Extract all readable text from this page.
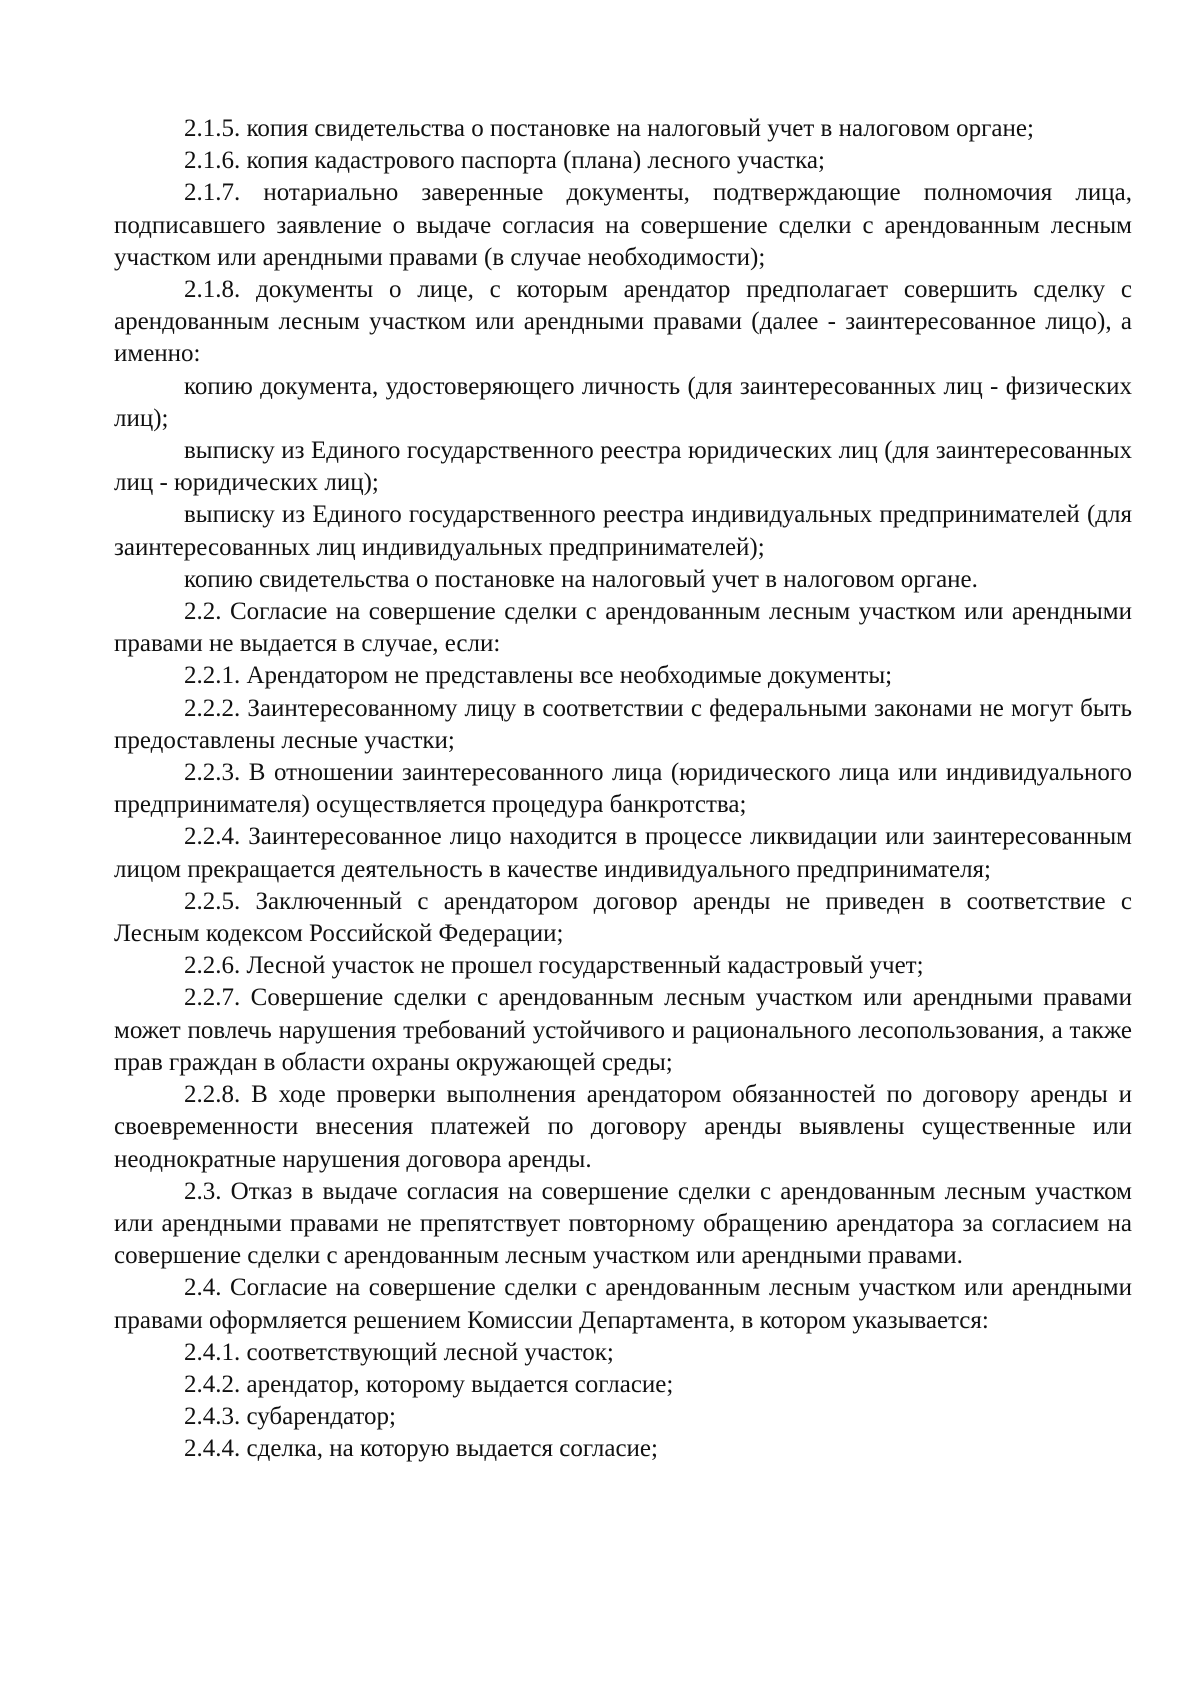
2.1.5. копия свидетельства о постановке на налоговый учет в налоговом органе;

2.1.6. копия кадастрового паспорта (плана) лесного участка;

2.1.7. нотариально заверенные документы, подтверждающие полномочия лица, подписавшего заявление о выдаче согласия на совершение сделки с арендованным лесным участком или арендными правами (в случае необходимости);

2.1.8. документы о лице, с которым арендатор предполагает совершить сделку с арендованным лесным участком или арендными правами (далее - заинтересованное лицо), а именно:

копию документа, удостоверяющего личность (для заинтересованных лиц - физических лиц);

выписку из Единого государственного реестра юридических лиц (для заинтересованных лиц - юридических лиц);

выписку из Единого государственного реестра индивидуальных предпринимателей (для заинтересованных лиц индивидуальных предпринимателей);

копию свидетельства о постановке на налоговый учет в налоговом органе.

2.2. Согласие на совершение сделки с арендованным лесным участком или арендными правами не выдается в случае, если:

2.2.1. Арендатором не представлены все необходимые документы;

2.2.2. Заинтересованному лицу в соответствии с федеральными законами не могут быть предоставлены лесные участки;

2.2.3. В отношении заинтересованного лица (юридического лица или индивидуального предпринимателя) осуществляется процедура банкротства;

2.2.4. Заинтересованное лицо находится в процессе ликвидации или заинтересованным лицом прекращается деятельность в качестве индивидуального предпринимателя;

2.2.5. Заключенный с арендатором договор аренды не приведен в соответствие с Лесным кодексом Российской Федерации;

2.2.6. Лесной участок не прошел государственный кадастровый учет;

2.2.7. Совершение сделки с арендованным лесным участком или арендными правами может повлечь нарушения требований устойчивого и рационального лесопользования, а также прав граждан в области охраны окружающей среды;

2.2.8. В ходе проверки выполнения арендатором обязанностей по договору аренды и своевременности внесения платежей по договору аренды выявлены существенные или неоднократные нарушения договора аренды.

2.3. Отказ в выдаче согласия на совершение сделки с арендованным лесным участком или арендными правами не препятствует повторному обращению арендатора за согласием на совершение сделки с арендованным лесным участком или арендными правами.

2.4. Согласие на совершение сделки с арендованным лесным участком или арендными правами оформляется решением Комиссии Департамента, в котором указывается:

2.4.1. соответствующий лесной участок;

2.4.2. арендатор, которому выдается согласие;

2.4.3. субарендатор;

2.4.4. сделка, на которую выдается согласие;
